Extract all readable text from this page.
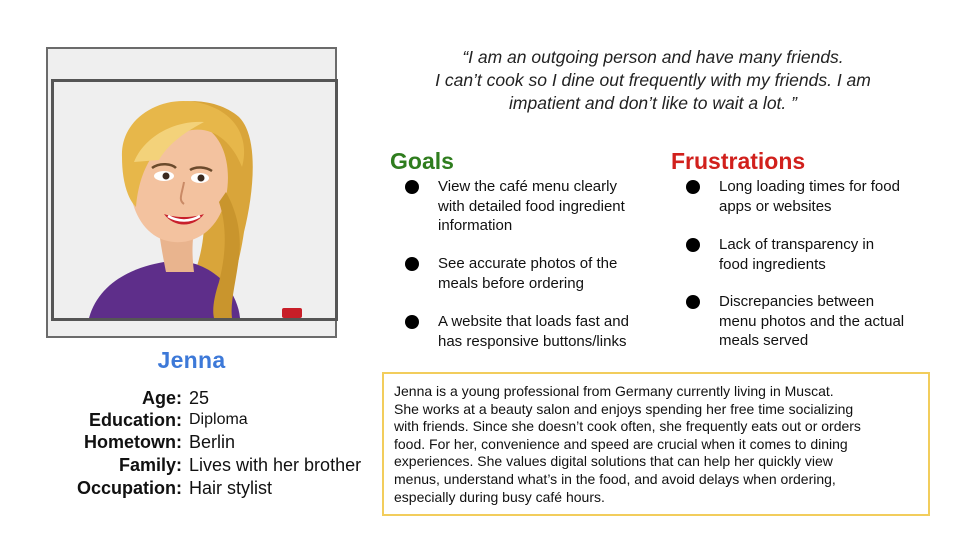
Jenna
Age: 25
Education: Diploma
Hometown: Berlin
Family: Lives with her brother
Occupation: Hair stylist
“I am an outgoing person and have many friends.
I can’t cook so I dine out frequently with my friends. I am
impatient and don’t like to wait a lot. ”
Goals
View the café menu clearly
with detailed food ingredient
information
See accurate photos of the
meals before ordering
A website that loads fast and
has responsive buttons/links
Frustrations
Long loading times for food
apps or websites
Lack of transparency in
food ingredients
Discrepancies between
menu photos and the actual
meals served
Jenna is a young professional from Germany currently living in Muscat.
She works at a beauty salon and enjoys spending her free time socializing
with friends. Since she doesn’t cook often, she frequently eats out or orders
food. For her, convenience and speed are crucial when it comes to dining
experiences. She values digital solutions that can help her quickly view
menus, understand what’s in the food, and avoid delays when ordering,
especially during busy café hours.
